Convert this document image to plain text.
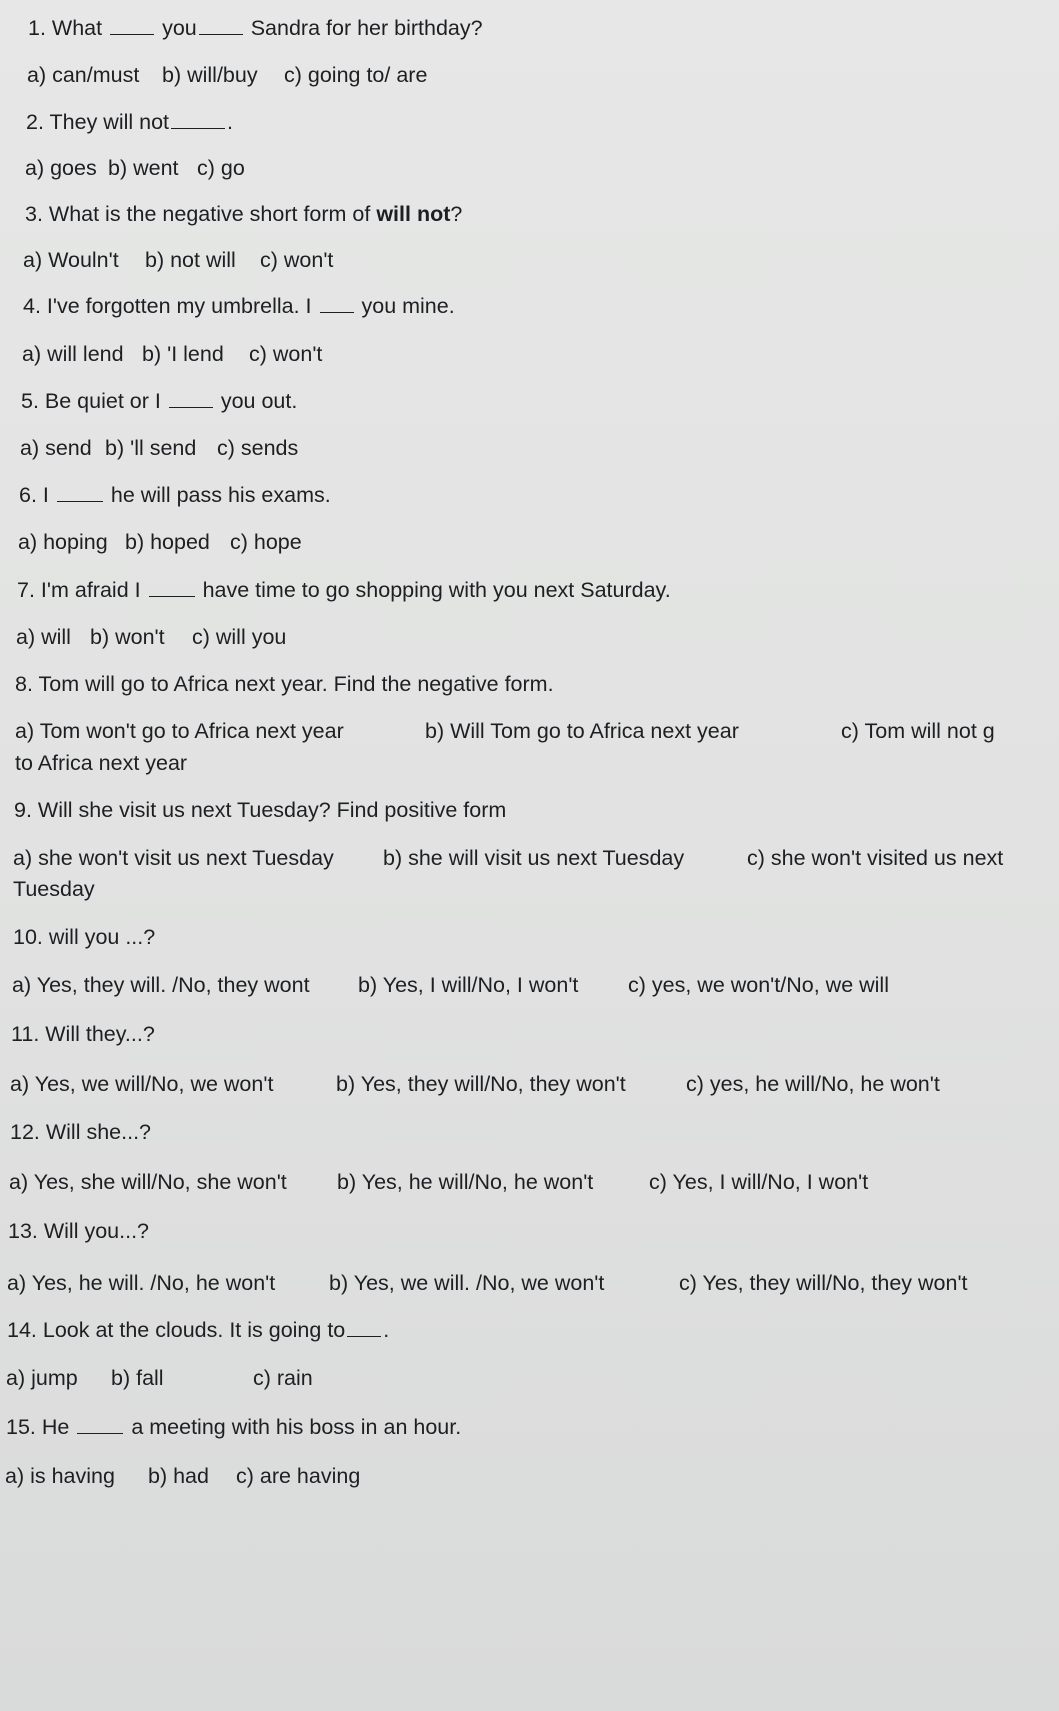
1. What	you	Sandra for her birthday?
a) can/must b) will/buy c) going to/ are
2. They will not	.
a) goes b) went c) go
3. What is the negative short form of will not?
a) Wouln't b) not will c) won't
4. I've forgotten my umbrella. I you mine.
a) will lend b) 'I lend c) won't
5. Be quiet or I	you out.
a) send b) 'll send c) sends
6. I	he will pass his exams.
a) hoping b) hoped c) hope
7. I'm afraid I	have time to go shopping with you next Saturday.
a) will b) won't c) will you
8. Tom will go to Africa next year. Find the negative form.
a) Tom won't go to Africa next year	b) Will Tom go to Africa next year	c) Tom will not g
to Africa next year
9. Will she visit us next Tuesday? Find positive form
a) she won't visit us next Tuesday b) she will visit us next Tuesday	c) she won't visited us next
Tuesday
10. will you ...?
a) Yes, they will. /No, they wont b) Yes, I will/No, I won't c) yes, we won't/No, we will
11. Will they...?
a) Yes, we will/No, we won't	b) Yes, they will/No, they won't	c) yes, he will/No, he won't
12. Will she...?
a) Yes, she will/No, she won't b) Yes, he will/No, he won't	c) Yes, I will/No, I won't
13. Will you...?
a) Yes, he will. /No, he won't	b) Yes, we will. /No, we won't	c) Yes, they will/No, they won't
14. Look at the clouds. It is going to .
a) jump b) fall	c) rain
15. He	a meeting with his boss in an hour.
a) is having b) had c) are having
